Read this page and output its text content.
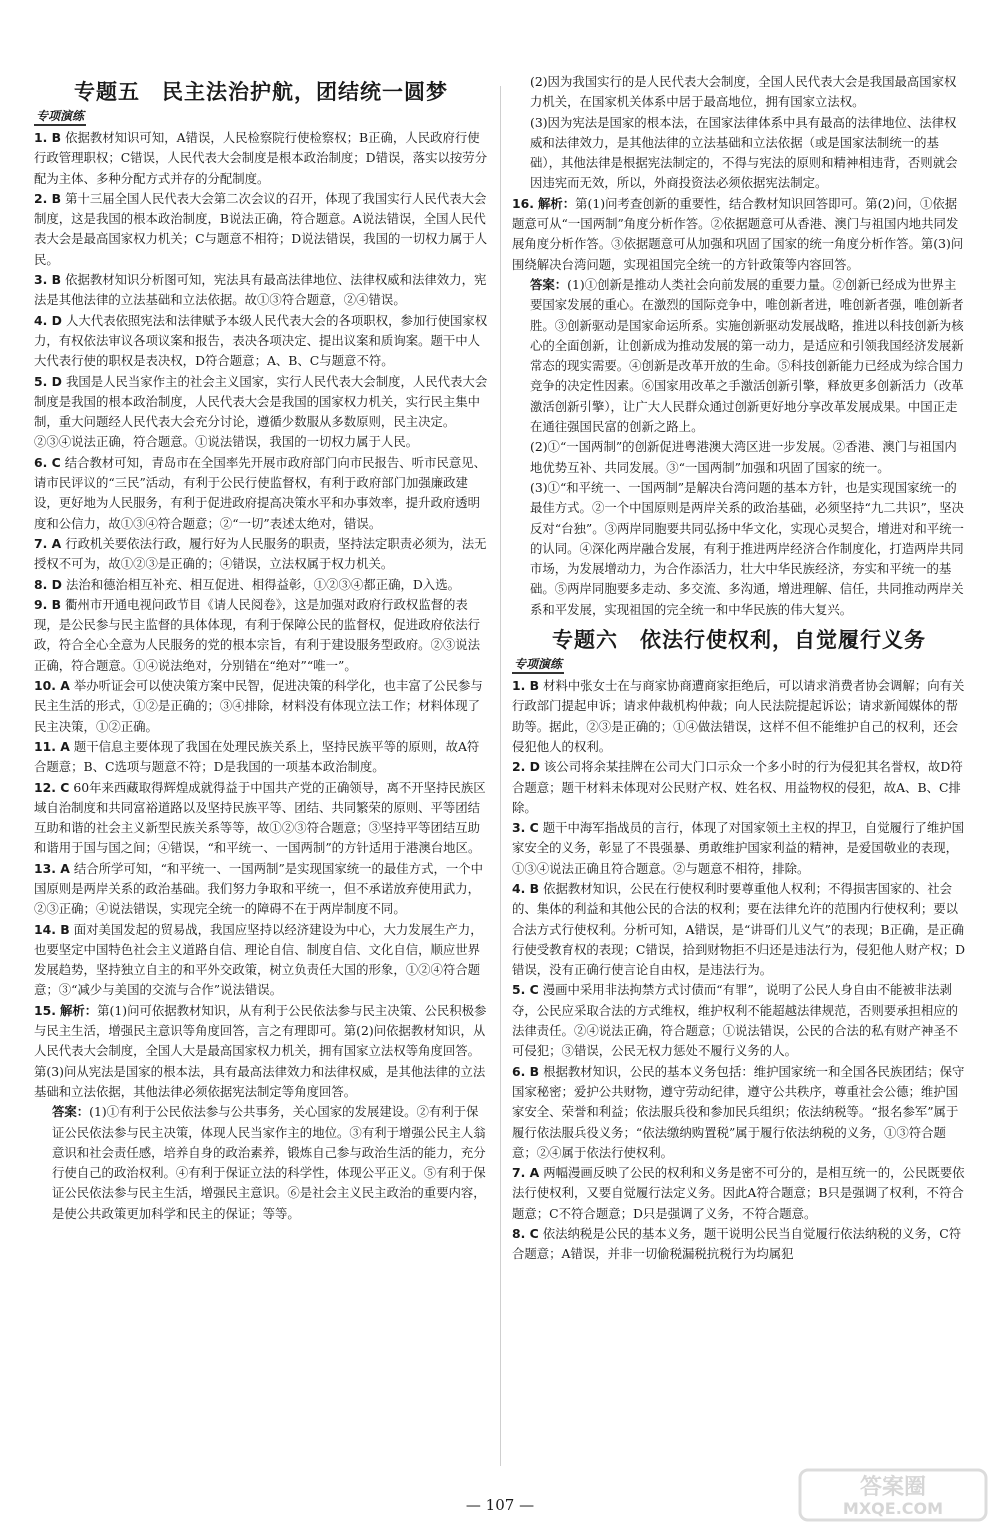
专题五　民主法治护航，团结统一圆梦
专项演练

1. B 依据教材知识可知，A错误，人民检察院行使检察权；B正确，人民政府行使行政管理职权；C错误，人民代表大会制度是根本政治制度；D错误，落实以按劳分配为主体、多种分配方式并存的分配制度。

2. B 第十三届全国人民代表大会第二次会议的召开，体现了我国实行人民代表大会制度，这是我国的根本政治制度，B说法正确，符合题意。A说法错误，全国人民代表大会是最高国家权力机关；C与题意不相符；D说法错误，我国的一切权力属于人民。

3. B 依据教材知识分析图可知，宪法具有最高法律地位、法律权威和法律效力，宪法是其他法律的立法基础和立法依据。故①③符合题意，②④错误。

4. D 人大代表依照宪法和法律赋予本级人民代表大会的各项职权，参加行使国家权力，有权依法审议各项议案和报告，表决各项决定、提出议案和质询案。题干中人大代表行使的职权是表决权，D符合题意；A、B、C与题意不符。

5. D 我国是人民当家作主的社会主义国家，实行人民代表大会制度，人民代表大会制度是我国的根本政治制度，人民代表大会是我国的国家权力机关，实行民主集中制，重大问题经人民代表大会充分讨论，遵循少数服从多数原则，民主决定。②③④说法正确，符合题意。①说法错误，我国的一切权力属于人民。

6. C 结合教材可知，青岛市在全国率先开展市政府部门向市民报告、听市民意见、请市民评议的“三民”活动，有利于公民行使监督权，有利于政府部门加强廉政建设，更好地为人民服务，有利于促进政府提高决策水平和办事效率，提升政府透明度和公信力，故①③④符合题意；②“一切”表述太绝对，错误。

7. A 行政机关要依法行政，履行好为人民服务的职责，坚持法定职责必须为，法无授权不可为，故①②③是正确的；④错误，立法权属于权力机关。

8. D 法治和德治相互补充、相互促进、相得益彰，①②③④都正确，D入选。

9. B 衢州市开通电视问政节目《请人民阅卷》，这是加强对政府行政权监督的表现，是公民参与民主监督的具体体现，有利于保障公民的监督权，促进政府依法行政，符合全心全意为人民服务的党的根本宗旨，有利于建设服务型政府。②③说法正确，符合题意。①④说法绝对，分别错在“绝对”“唯一”。

10. A 举办听证会可以使决策方案中民智，促进决策的科学化，也丰富了公民参与民主生活的形式，①②是正确的；③④排除，材料没有体现立法工作；材料体现了民主决策，①②正确。

11. A 题干信息主要体现了我国在处理民族关系上，坚持民族平等的原则，故A符合题意；B、C选项与题意不符；D是我国的一项基本政治制度。

12. C 60年来西藏取得辉煌成就得益于中国共产党的正确领导，离不开坚持民族区域自治制度和共同富裕道路以及坚持民族平等、团结、共同繁荣的原则、平等团结互助和谐的社会主义新型民族关系等等，故①②③符合题意；③坚持平等团结互助和谐用于国与国之间；④错误，“和平统一、一国两制”的方针适用于港澳台地区。

13. A 结合所学可知，“和平统一、一国两制”是实现国家统一的最佳方式，一个中国原则是两岸关系的政治基础。我们努力争取和平统一，但不承诺放弃使用武力，②③正确；④说法错误，实现完全统一的障碍不在于两岸制度不同。

14. B 面对美国发起的贸易战，我国应坚持以经济建设为中心，大力发展生产力，也要坚定中国特色社会主义道路自信、理论自信、制度自信、文化自信，顺应世界发展趋势，坚持独立自主的和平外交政策，树立负责任大国的形象，①②④符合题意；③“减少与美国的交流与合作”说法错误。

15. 解析：第(1)问可依据教材知识，从有利于公民依法参与民主决策、公民积极参与民主生活，增强民主意识等角度回答，言之有理即可。第(2)问依据教材知识，从人民代表大会制度，全国人大是最高国家权力机关，拥有国家立法权等角度回答。第(3)问从宪法是国家的根本法，具有最高法律效力和法律权威，是其他法律的立法基础和立法依据，其他法律必须依据宪法制定等角度回答。

答案：(1)①有利于公民依法参与公共事务，关心国家的发展建设。②有利于保证公民依法参与民主决策，体现人民当家作主的地位。③有利于增强公民主人翁意识和社会责任感，培养自身的政治素养，锻炼自己参与政治生活的能力，充分行使自己的政治权利。④有利于保证立法的科学性，体现公平正义。⑤有利于保证公民依法参与民主生活，增强民主意识。⑥是社会主义民主政治的重要内容，是使公共政策更加科学和民主的保证；等等。

(2)因为我国实行的是人民代表大会制度，全国人民代表大会是我国最高国家权力机关，在国家机关体系中居于最高地位，拥有国家立法权。

(3)因为宪法是国家的根本法，在国家法律体系中具有最高的法律地位、法律权威和法律效力，是其他法律的立法基础和立法依据（或是国家法制统一的基础），其他法律是根据宪法制定的，不得与宪法的原则和精神相违背，否则就会因违宪而无效，所以，外商投资法必须依据宪法制定。

16. 解析：第(1)问考查创新的重要性，结合教材知识回答即可。第(2)问，①依据题意可从“一国两制”角度分析作答。②依据题意可从香港、澳门与祖国内地共同发展角度分析作答。③依据题意可从加强和巩固了国家的统一角度分析作答。第(3)问围绕解决台湾问题，实现祖国完全统一的方针政策等内容回答。

答案：(1)①创新是推动人类社会向前发展的重要力量。②创新已经成为世界主要国家发展的重心。在激烈的国际竞争中，唯创新者进，唯创新者强，唯创新者胜。③创新驱动是国家命运所系。实施创新驱动发展战略，推进以科技创新为核心的全面创新，让创新成为推动发展的第一动力，是适应和引领我国经济发展新常态的现实需要。④创新是改革开放的生命。⑤科技创新能力已经成为综合国力竞争的决定性因素。⑥国家用改革之手激活创新引擎，释放更多创新活力（改革激活创新引擎），让广大人民群众通过创新更好地分享改革发展成果。中国正走在通往强国民富的创新之路上。

(2)①“一国两制”的创新促进粤港澳大湾区进一步发展。②香港、澳门与祖国内地优势互补、共同发展。③“一国两制”加强和巩固了国家的统一。

(3)①“和平统一、一国两制”是解决台湾问题的基本方针，也是实现国家统一的最佳方式。②一个中国原则是两岸关系的政治基础，必须坚持“九二共识”，坚决反对“台独”。③两岸同胞要共同弘扬中华文化，实现心灵契合，增进对和平统一的认同。④深化两岸融合发展，有利于推进两岸经济合作制度化，打造两岸共同市场，为发展增动力，为合作添活力，壮大中华民族经济，夯实和平统一的基础。⑤两岸同胞要多走动、多交流、多沟通，增进理解、信任，共同推动两岸关系和平发展，实现祖国的完全统一和中华民族的伟大复兴。

专题六　依法行使权利，自觉履行义务
专项演练

1. B 材料中张女士在与商家协商遭商家拒绝后，可以请求消费者协会调解；向有关行政部门提起申诉；请求仲裁机构仲裁；向人民法院提起诉讼；请求新闻媒体的帮助等。据此，②③是正确的；①④做法错误，这样不但不能维护自己的权利，还会侵犯他人的权利。

2. D 该公司将余某挂牌在公司大门口示众一个多小时的行为侵犯其名誉权，故D符合题意；题干材料未体现对公民财产权、姓名权、用益物权的侵犯，故A、B、C排除。

3. C 题干中海军指战员的言行，体现了对国家领土主权的捍卫，自觉履行了维护国家安全的义务，彰显了不畏强暴、勇敢维护国家利益的精神，是爱国敬业的表现，①③④说法正确且符合题意。②与题意不相符，排除。

4. B 依据教材知识，公民在行使权利时要尊重他人权利；不得损害国家的、社会的、集体的利益和其他公民的合法的权利；要在法律允许的范围内行使权利；要以合法方式行使权利。分析可知，A错误，是“讲哥们儿义气”的表现；B正确，是正确行使受教育权的表现；C错误，拾到财物拒不归还是违法行为，侵犯他人财产权；D错误，没有正确行使言论自由权，是违法行为。

5. C 漫画中采用非法拘禁方式讨债而“有罪”，说明了公民人身自由不能被非法剥夺，公民应采取合法的方式维权，维护权利不能超越法律规范，否则要承担相应的法律责任。②④说法正确，符合题意；①说法错误，公民的合法的私有财产神圣不可侵犯；③错误，公民无权力惩处不履行义务的人。

6. B 根据教材知识，公民的基本义务包括：维护国家统一和全国各民族团结；保守国家秘密；爱护公共财物，遵守劳动纪律，遵守公共秩序，尊重社会公德；维护国家安全、荣誉和利益；依法服兵役和参加民兵组织；依法纳税等。“报名参军”属于履行依法服兵役义务；“依法缴纳购置税”属于履行依法纳税的义务，①③符合题意；②④属于依法行使权利。

7. A 两幅漫画反映了公民的权利和义务是密不可分的，是相互统一的，公民既要依法行使权利，又要自觉履行法定义务。因此A符合题意；B只是强调了权利，不符合题意；C不符合题意；D只是强调了义务，不符合题意。

8. C 依法纳税是公民的基本义务，题干说明公民当自觉履行依法纳税的义务，C符合题意；A错误，并非一切偷税漏税抗税行为均属犯

— 107 —
答案圈
MXQE.COM
